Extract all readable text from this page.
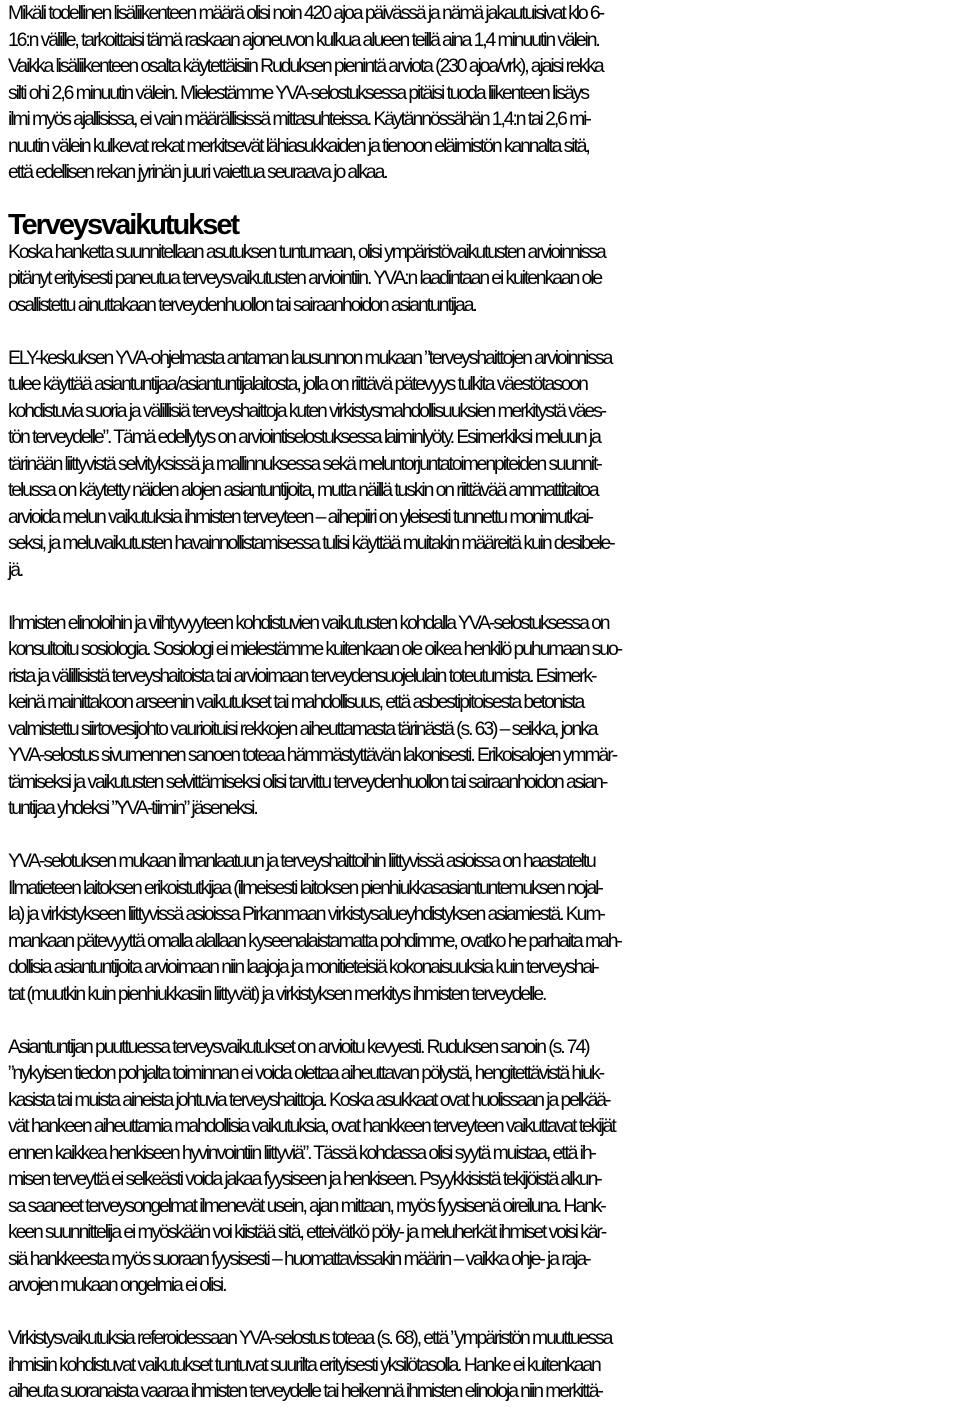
Mikäli todellinen lisäliikenteen määrä olisi noin 420 ajoa päivässä ja nämä jakautuisivat klo 6-
16:n välille, tarkoittaisi tämä raskaan ajoneuvon kulkua alueen teillä aina 1,4 minuutin välein.
Vaikka lisäliikenteen osalta käytettäisiin Ruduksen pienintä arviota (230 ajoa/vrk), ajaisi rekka
silti ohi 2,6 minuutin välein. Mielestämme YVA-selostuksessa pitäisi tuoda liikenteen lisäys
ilmi myös ajallisissa, ei vain määrällisissä mittasuhteissa. Käytännössähän 1,4:n tai 2,6 mi-
nuutin välein kulkevat rekat merkitsevät lähiasukkaiden ja tienoon eläimistön kannalta sitä,
että edellisen rekan jyrinän juuri vaiettua seuraava jo alkaa.

Terveysvaikutukset

Koska hanketta suunnitellaan asutuksen tuntumaan, olisi ympäristövaikutusten arvioinnissa
pitänyt erityisesti paneutua terveysvaikutusten arviointiin. YVA:n laadintaan ei kuitenkaan ole
osallistettu ainuttakaan terveydenhuollon tai sairaanhoidon asiantuntijaa.

ELY-keskuksen YVA-ohjelmasta antaman lausunnon mukaan ”terveyshaittojen arvioinnissa
tulee käyttää asiantuntijaa/asiantuntijalaitosta, jolla on riittävä pätevyys tulkita väestötasoon
kohdistuvia suoria ja välillisiä terveyshaittoja kuten virkistysmahdollisuuksien merkitystä väes-
tön terveydelle”. Tämä edellytys on arviointiselostuksessa laiminlyöty. Esimerkiksi meluun ja
tärinään liittyvistä selvityksissä ja mallinnuksessa sekä meluntorjuntatoimenpiteiden suunnit-
telussa on käytetty näiden alojen asiantuntijoita, mutta näillä tuskin on riittävää ammattitaitoa
arvioida melun vaikutuksia ihmisten terveyteen – aihepiiri on yleisesti tunnettu monimutkai-
seksi, ja meluvaikutusten havainnollistamisessa tulisi käyttää muitakin määreitä kuin desibele-
jä.

Ihmisten elinoloihin ja viihtyvyyteen kohdistuvien vaikutusten kohdalla YVA-selostuksessa on
konsultoitu sosiologia. Sosiologi ei mielestämme kuitenkaan ole oikea henkilö puhumaan suo-
rista ja välillisistä terveyshaitoista tai arvioimaan terveydensuojelulain toteutumista. Esimerk-
keinä mainittakoon arseenin vaikutukset tai mahdollisuus, että asbestipitoisesta betonista
valmistettu siirtovesijohto vaurioituisi rekkojen aiheuttamasta tärinästä (s. 63) – seikka, jonka
YVA-selostus sivumennen sanoen toteaa hämmästyttävän lakonisesti. Erikoisalojen ymmär-
tämiseksi ja vaikutusten selvittämiseksi olisi tarvittu terveydenhuollon tai sairaanhoidon asian-
tuntijaa yhdeksi ”YVA-tiimin” jäseneksi.

YVA-selotuksen mukaan ilmanlaatuun ja terveyshaittoihin liittyvissä asioissa on haastateltu
Ilmatieteen laitoksen erikoistutkijaa (ilmeisesti laitoksen pienhiukkasasiantuntemuksen nojal-
la) ja virkistykseen liittyvissä asioissa Pirkanmaan virkistysalueyhdistyksen asiamiestä. Kum-
mankaan pätevyyttä omalla alallaan kyseenalaistamatta pohdimme, ovatko he parhaita mah-
dollisia asiantuntijoita arvioimaan niin laajoja ja monitieteisiä kokonaisuuksia kuin terveyshai-
tat (muutkin kuin pienhiukkasiin liittyvät) ja virkistyksen merkitys ihmisten terveydelle.

Asiantuntijan puuttuessa terveysvaikutukset on arvioitu kevyesti. Ruduksen sanoin (s. 74)
”nykyisen tiedon pohjalta toiminnan ei voida olettaa aiheuttavan pölystä, hengitettävistä hiuk-
kasista tai muista aineista johtuvia terveyshaittoja. Koska asukkaat ovat huolissaan ja pelkää-
vät hankeen aiheuttamia mahdollisia vaikutuksia, ovat hankkeen terveyteen vaikuttavat tekijät
ennen kaikkea henkiseen hyvinvointiin liittyviä”. Tässä kohdassa olisi syytä muistaa, että ih-
misen terveyttä ei selkeästi voida jakaa fyysiseen ja henkiseen. Psyykkisistä tekijöistä alkun-
sa saaneet terveysongelmat ilmenevät usein, ajan mittaan, myös fyysisenä oireiluna. Hank-
keen suunnittelija ei myöskään voi kiistää sitä, etteivätkö pöly- ja meluherkät ihmiset voisi kär-
siä hankkeesta myös suoraan fyysisesti – huomattavissakin määrin – vaikka ohje- ja raja-
arvojen mukaan ongelmia ei olisi.

Virkistysvaikutuksia referoidessaan YVA-selostus toteaa (s. 68), että ”ympäristön muuttuessa
ihmisiin kohdistuvat vaikutukset tuntuvat suurilta erityisesti yksilötasolla. Hanke ei kuitenkaan
aiheuta suoranaista vaaraa ihmisten terveydelle tai heikennä ihmisten elinoloja niin merkittä-
